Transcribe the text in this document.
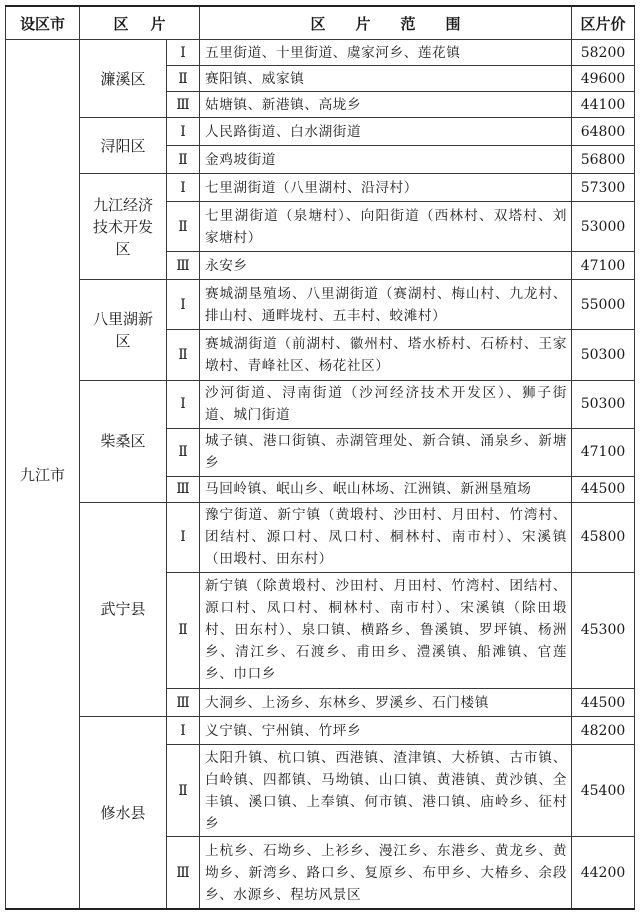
设区市	区片		区片范围	区片价
九江市	濂溪区	Ⅰ	五里街道、十里街道、虞家河乡、莲花镇	58200
		Ⅱ	赛阳镇、威家镇	49600
		Ⅲ	姑塘镇、新港镇、高垅乡	44100
	浔阳区	Ⅰ	人民路街道、白水湖街道	64800
		Ⅱ	金鸡坡街道	56800
	九江经济技术开发区	Ⅰ	七里湖街道（八里湖村、沿浔村）	57300
		Ⅱ	七里湖街道（泉塘村）、向阳街道（西林村、双塔村、刘家塘村）	53000
		Ⅲ	永安乡	47100
	八里湖新区	Ⅰ	赛城湖垦殖场、八里湖街道（赛湖村、梅山村、九龙村、排山村、通畔垅村、五丰村、蛟滩村）	55000
		Ⅱ	赛城湖街道（前湖村、徽州村、塔水桥村、石桥村、王家墩村、青峰社区、杨花社区）	50300
	柴桑区	Ⅰ	沙河街道、浔南街道（沙河经济技术开发区）、狮子街道、城门街道	50300
		Ⅱ	城子镇、港口街镇、赤湖管理处、新合镇、涌泉乡、新塘乡	47100
		Ⅲ	马回岭镇、岷山乡、岷山林场、江洲镇、新洲垦殖场	44500
	武宁县	Ⅰ	豫宁街道、新宁镇（黄塅村、沙田村、月田村、竹湾村、团结村、源口村、凤口村、桐林村、南市村）、宋溪镇（田塅村、田东村）	45800
		Ⅱ	新宁镇（除黄塅村、沙田村、月田村、竹湾村、团结村、源口村、凤口村、桐林村、南市村）、宋溪镇（除田塅村、田东村）、泉口镇、横路乡、鲁溪镇、罗坪镇、杨洲乡、清江乡、石渡乡、甫田乡、澧溪镇、船滩镇、官莲乡、巾口乡	45300
		Ⅲ	大洞乡、上汤乡、东林乡、罗溪乡、石门楼镇	44500
	修水县	Ⅰ	义宁镇、宁州镇、竹坪乡	48200
		Ⅱ	太阳升镇、杭口镇、西港镇、渣津镇、大桥镇、古市镇、白岭镇、四都镇、马坳镇、山口镇、黄港镇、黄沙镇、全丰镇、溪口镇、上奉镇、何市镇、港口镇、庙岭乡、征村乡	45400
		Ⅲ	上杭乡、石坳乡、上衫乡、漫江乡、东港乡、黄龙乡、黄坳乡、新湾乡、路口乡、复原乡、布甲乡、大椿乡、余段乡、水源乡、程坊风景区	44200
